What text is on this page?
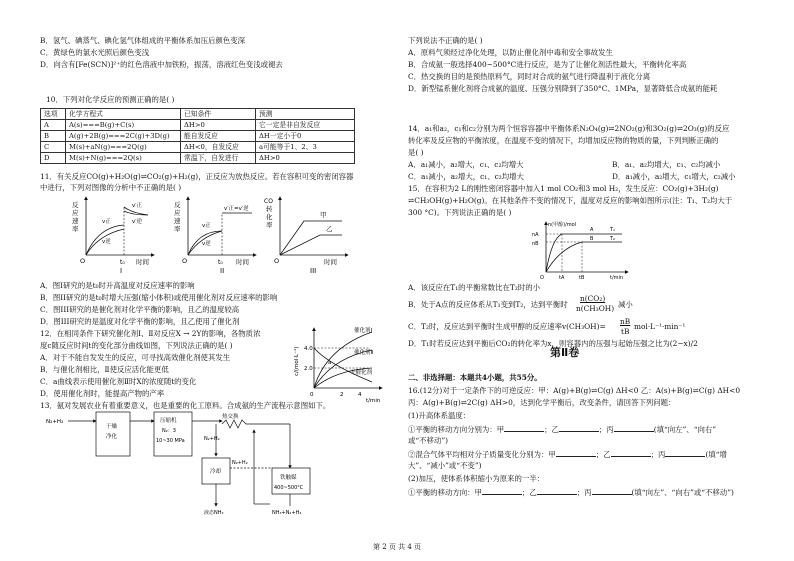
B．氢气、碘蒸气、碘化氢气体组成的平衡体系加压后颜色变深
C．黄绿色的氯水光照后颜色变浅
D．向含有[Fe(SCN)]²⁺的红色溶液中加铁粉，振荡，溶液红色变浅或褪去
10．下列对化学反应的预测正确的是( )
选项	化学方程式	已知条件	预测
A	A(s)===B(g)+C(s)	ΔH>0	它一定是非自发反应
B	A(g)+2B(g)===2C(g)+3D(g)	能自发反应	ΔH一定小于0
C	M(s)+aN(g)===2Q(g)	ΔH<0，自发反应	a可能等于1、2、3
D	M(s)+N(g)===2Q(s)	常温下，自发进行	ΔH>0
11．有关反应CO(g)+H₂O(g)⇌CO₂(g)+H₂(g)，正反应为放热反应。若在容积可变的密闭容器
中进行，下列对图像的分析中不正确的是( )
反
应
速
率
v′正
v′逆
v正
v逆
O	t₀ 时间
I
反
应
速
率
v′正=v′逆
v正
v逆
O	t₀ 时间
II
CO
转
化
率
甲
乙
O	时间
III
A．图I研究的是t₀时升高温度对反应速率的影响
B．图II研究的是t₀时增大压强(缩小体积)或使用催化剂对反应速率的影响
C．图III研究的是催化剂对化学平衡的影响，且乙的温度较高
D．图III研究的是温度对化学平衡的影响，且乙使用了催化剂
12．在相同条件下研究催化剂Ⅰ、Ⅱ对反应X → 2Y的影响，各物质浓
度c随反应时间t的变化部分曲线如图，下列说法正确的是( )
A．对于不能自发发生的反应，可寻找高效催化剂使其发生
B．与催化剂相比，Ⅱ使反应活化能更低
C．a曲线表示使用催化剂Ⅱ时X的浓度随t的变化
D．使用催化剂时，能提高产物的产率
c/(mol·L⁻¹) 4.0
2.0
催化剂Ⅰ
催化剂Ⅱ
无催化剂
a
0	2	4
t/min
13．氨对发展农业有着重要意义，也是重要的化工原料。合成氨的生产流程示意图如下。
N₂+H₂
干燥
净化
压缩机
N₂：3
10~30 MPa
热交换
N₂+H₂
冷却
液态NH₃
铁触媒
400~500°C
NH₃+N₂+H₂
N₂+H₂
下列说法不正确的是( )
A．原料气须经过净化处理，以防止催化剂中毒和安全事故发生
B．合成氨一般选择400~500°C进行反应，是为了让催化剂活性最大，平衡转化率高
C．热交换的目的是预热原料气，同时对合成的氨气进行降温利于液化分离
D．新型锰系催化剂将合成氨的温度、压强分别降到了350°C、1MPa，显著降低合成氨的能耗
14．a₁和a₂，c₁和c₂分别为两个恒容容器中平衡体系N₂O₄(g)⇌2NO₂(g)和3O₂(g)⇌2O₃(g)的反应
转化率及反应物的平衡浓度，在温度不变的情况下，均增加反应物的物质的量，下列判断正确的
是( )
A．a₁减小，a₂增大，c₁、c₂均增大	B．a₁、a₂均增大，c₁、c₂均减小
C．a₁减小，a₂增大，c₁、c₂均增大	D．a₁减小，a₂增大，c₁增大，c₂减小
15．在容积为2 L的刚性密闭容器中加入1 mol CO₂和3 mol H₂，发生反应：CO₂(g)+3H₂(g)
⇌CH₃OH(g)+H₂O(g)。在其他条件不变的情况下，温度对反应的影响如图所示(注：T₁、T₂均大于
300 °C)。下列说法正确的是( )
n(甲醇)/mol
nA
nB
A
B
T₁
T₂
O	tA	tB	t/min
A．该反应在T₁的平衡常数比在T₂时的小
B．处于A点的反应体系从T₁变到T₂，达到平衡时
n(CO₂)
n(CH₃OH) 减小
C．T₂时，反应达到平衡时生成甲醇的反应速率v(CH₃OH)=
nB
tB
mol·L⁻¹·min⁻¹
D．T₁时若反应达到平衡后CO₂的转化率为x，则容器内的压强与起始压强之比为(2−x)/2
第Ⅱ卷
二、非选择题：本题共4小题，共55分。
16.(12分)对于一定条件下的可逆反应：甲：A(g)+B(g)⇌C(g) ΔH<0 乙：A(s)+B(g)⇌C(g) ΔH<0
丙：A(g)+B(g)⇌2C(g) ΔH>0，达到化学平衡后，改变条件，请回答下列问题：
(1)升高体系温度：
①平衡的移动方向分别为：甲	；乙	；丙	(填“向左”、“向右”
或“不移动”)
②混合气体平均相对分子质量变化分别为：甲	；乙	；丙	(填“增
大”、“减小”或“不变”)
(2)加压，使体系体积缩小为原来的一半：
①平衡的移动方向：甲	；乙	；丙	(填“向左”、“向右”或“不移动”)
第 2 页 共 4 页
